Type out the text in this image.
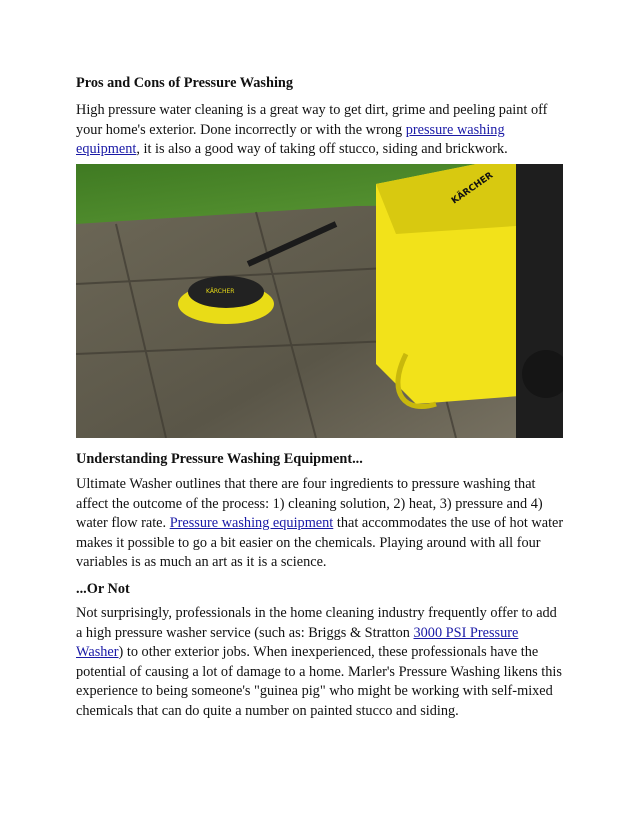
Pros and Cons of Pressure Washing

High pressure water cleaning is a great way to get dirt, grime and peeling paint off your home's exterior. Done incorrectly or with the wrong pressure washing equipment, it is also a good way of taking off stucco, siding and brickwork.

KÄRCHER
KÄRCHER
Understanding Pressure Washing Equipment...

Ultimate Washer outlines that there are four ingredients to pressure washing that affect the outcome of the process: 1) cleaning solution, 2) heat, 3) pressure and 4) water flow rate. Pressure washing equipment that accommodates the use of hot water makes it possible to go a bit easier on the chemicals. Playing around with all four variables is as much an art as it is a science.

...Or Not

Not surprisingly, professionals in the home cleaning industry frequently offer to add a high pressure washer service (such as: Briggs & Stratton 3000 PSI Pressure Washer) to other exterior jobs. When inexperienced, these professionals have the potential of causing a lot of damage to a home. Marler's Pressure Washing likens this experience to being someone's "guinea pig" who might be working with self-mixed chemicals that can do quite a number on painted stucco and siding.
